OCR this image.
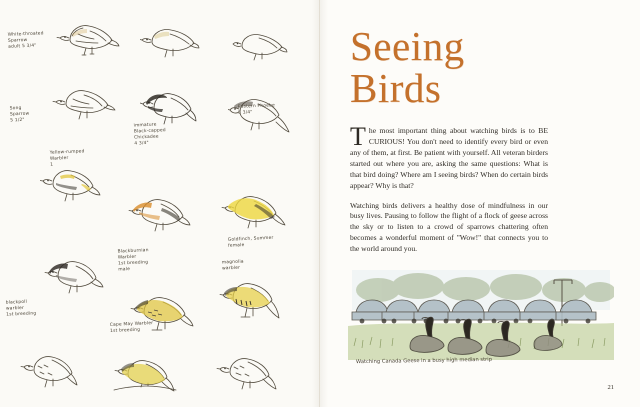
White-throated
Sparrow
adult 5 3/4"
Song
Sparrow
5 1/2"
immature
Black-capped
Chickadee
4 3/4"
Eastern Phoebe
5 3/4"
Yellow-rumped
Warbler
1
Blackburnian
Warbler
1st breeding
male
Goldfinch, Summer
female
blackpoll
warbler
1st breeding
Cape May Warbler
1st breeding
magnolia
warbler
Seeing
Birds

The most important thing about watching birds is to BE CURIOUS! You don't need to identify every bird or even any of them, at first. Be patient with yourself. All veteran birders started out where you are, asking the same questions: What is that bird doing? Where am I seeing birds? When do certain birds appear? Why is that?

Watching birds delivers a healthy dose of mindfulness in our busy lives. Pausing to follow the flight of a flock of geese across the sky or to listen to a crowd of sparrows chattering often becomes a wonderful moment of "Wow!" that connects you to the world around you.

Watching Canada Geese in a busy high median strip
21
